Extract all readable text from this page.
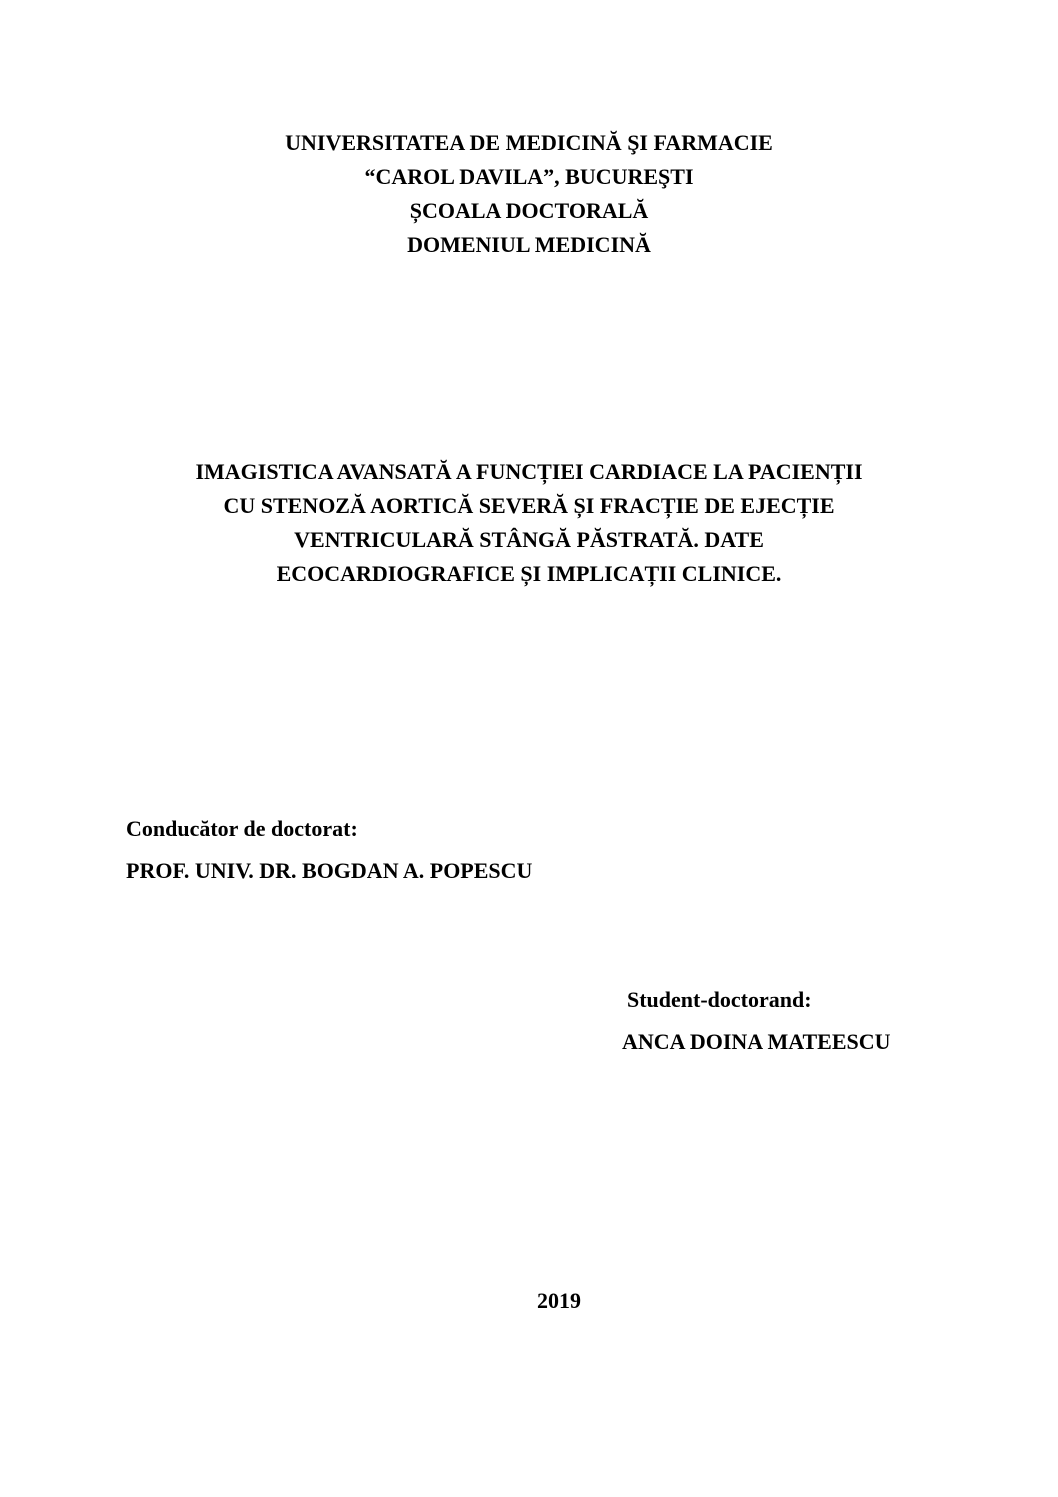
UNIVERSITATEA DE MEDICINĂ ŞI FARMACIE
“CAROL DAVILA”, BUCUREŞTI
ȘCOALA DOCTORALĂ
DOMENIUL MEDICINĂ
IMAGISTICA AVANSATĂ A FUNCȚIEI CARDIACE LA PACIENȚII
CU STENOZĂ AORTICĂ SEVERĂ ȘI FRACȚIE DE EJECȚIE
VENTRICULARĂ STÂNGĂ PĂSTRATĂ. DATE
ECOCARDIOGRAFICE ȘI IMPLICAȚII CLINICE.
Conducător de doctorat:
PROF. UNIV. DR. BOGDAN A. POPESCU
Student-doctorand:
ANCA DOINA MATEESCU
2019
